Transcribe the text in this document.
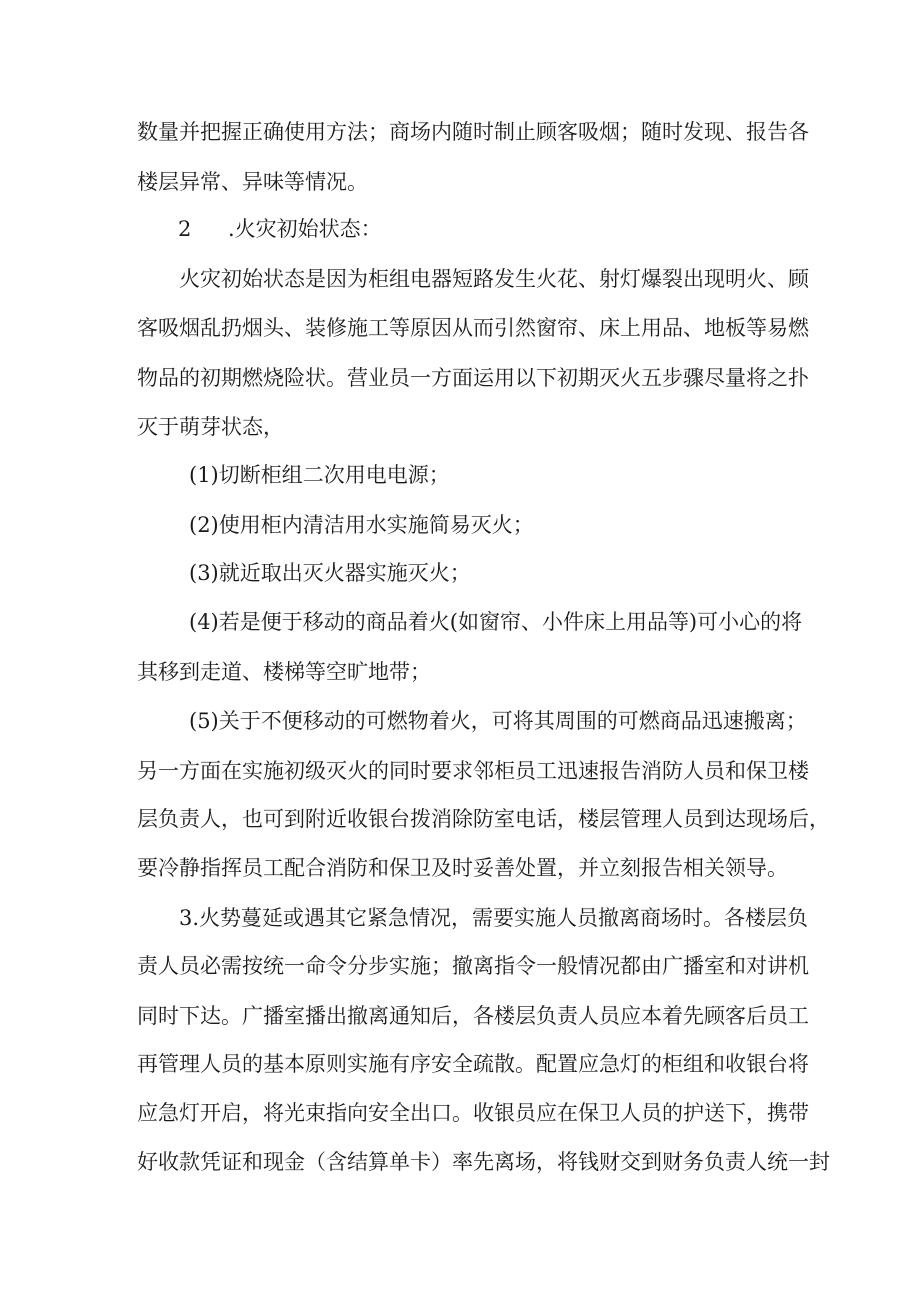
数量并把握正确使用方法；商场内随时制止顾客吸烟；随时发现、报告各
楼层异常、异味等情况。
2 .火灾初始状态：
火灾初始状态是因为柜组电器短路发生火花、射灯爆裂出现明火、顾
客吸烟乱扔烟头、装修施工等原因从而引然窗帘、床上用品、地板等易燃
物品的初期燃烧险状。营业员一方面运用以下初期灭火五步骤尽量将之扑
灭于萌芽状态，
(1)切断柜组二次用电电源；
(2)使用柜内清洁用水实施简易灭火；
(3)就近取出灭火器实施灭火；
(4)若是便于移动的商品着火(如窗帘、小件床上用品等)可小心的将
其移到走道、楼梯等空旷地带；
(5)关于不便移动的可燃物着火，可将其周围的可燃商品迅速搬离；
另一方面在实施初级灭火的同时要求邻柜员工迅速报告消防人员和保卫楼
层负责人，也可到附近收银台拨消除防室电话，楼层管理人员到达现场后，
要冷静指挥员工配合消防和保卫及时妥善处置，并立刻报告相关领导。
3.火势蔓延或遇其它紧急情况，需要实施人员撤离商场时。各楼层负
责人员必需按统一命令分步实施；撤离指令一般情况都由广播室和对讲机
同时下达。广播室播出撤离通知后，各楼层负责人员应本着先顾客后员工
再管理人员的基本原则实施有序安全疏散。配置应急灯的柜组和收银台将
应急灯开启，将光束指向安全出口。收银员应在保卫人员的护送下，携带
好收款凭证和现金（含结算单卡）率先离场，将钱财交到财务负责人统一封
